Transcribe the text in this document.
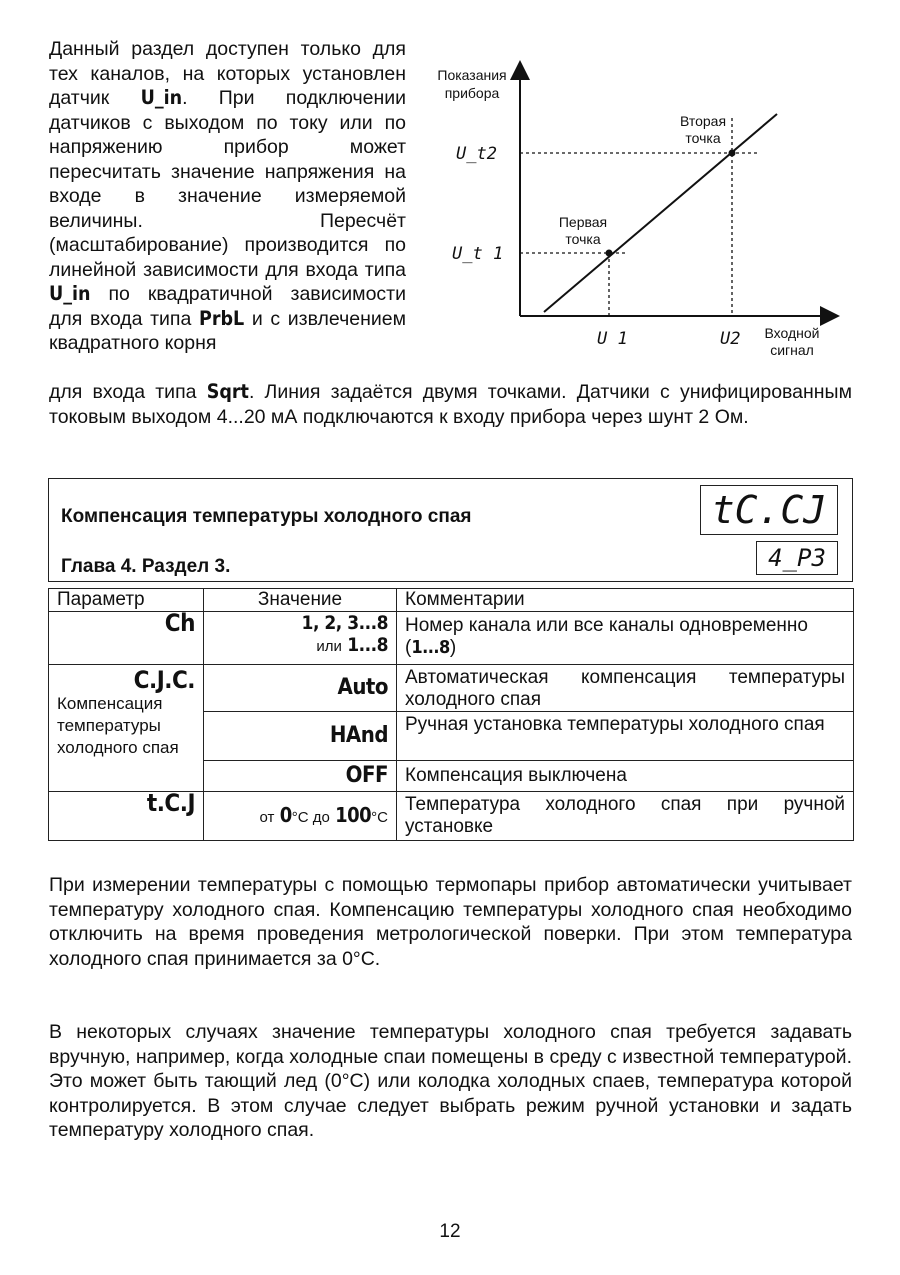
Данный раздел доступен только для тех каналов, на которых установлен датчик U_in. При подключении датчиков с выходом по току или по напряжению прибор может пересчитать значение напряжения на входе в значение измеряемой величины. Пересчёт (масштабирование) производится по линейной зависимости для входа типа U_in по квадратичной зависимости для входа типа PrbL и с извлечением квадратного корня
для входа типа Sqrt. Линия задаётся двумя точками. Датчики с унифицированным токовым выходом 4...20 мА подключаются к входу прибора через шунт 2 Ом.
Показания
прибора
Входной
сигнал
Вторая
точка
Первая
точка
U_t 1
U_t2
U 1	U2
Компенсация температуры холодного спая
Глава 4. Раздел 3.
tC.CJ
4_P3
Параметр	Значение	Комментарии
Ch	1, 2, 3...8
или 1...8	Номер канала или все каналы одновременно (1...8)

C.J.C.
Компенсация температуры холодного спая	Auto	Автоматическая компенсация температуры холодного спая
	HAnd	Ручная установка температуры холодного спая
	OFF	Компенсация выключена
t.C.J	от 0°С до 100°С	Температура холодного спая при ручной установке
При измерении температуры с помощью термопары прибор автоматически учитывает температуру холодного спая. Компенсацию температуры холодного спая необходимо отключить на время проведения метрологической поверки. При этом температура холодного спая принимается за 0°С.
В некоторых случаях значение температуры холодного спая требуется задавать вручную, например, когда холодные спаи помещены в среду с известной температурой. Это может быть тающий лед (0°С) или колодка холодных спаев, температура которой контролируется. В этом случае следует выбрать режим ручной установки и задать температуру холодного спая.
12
